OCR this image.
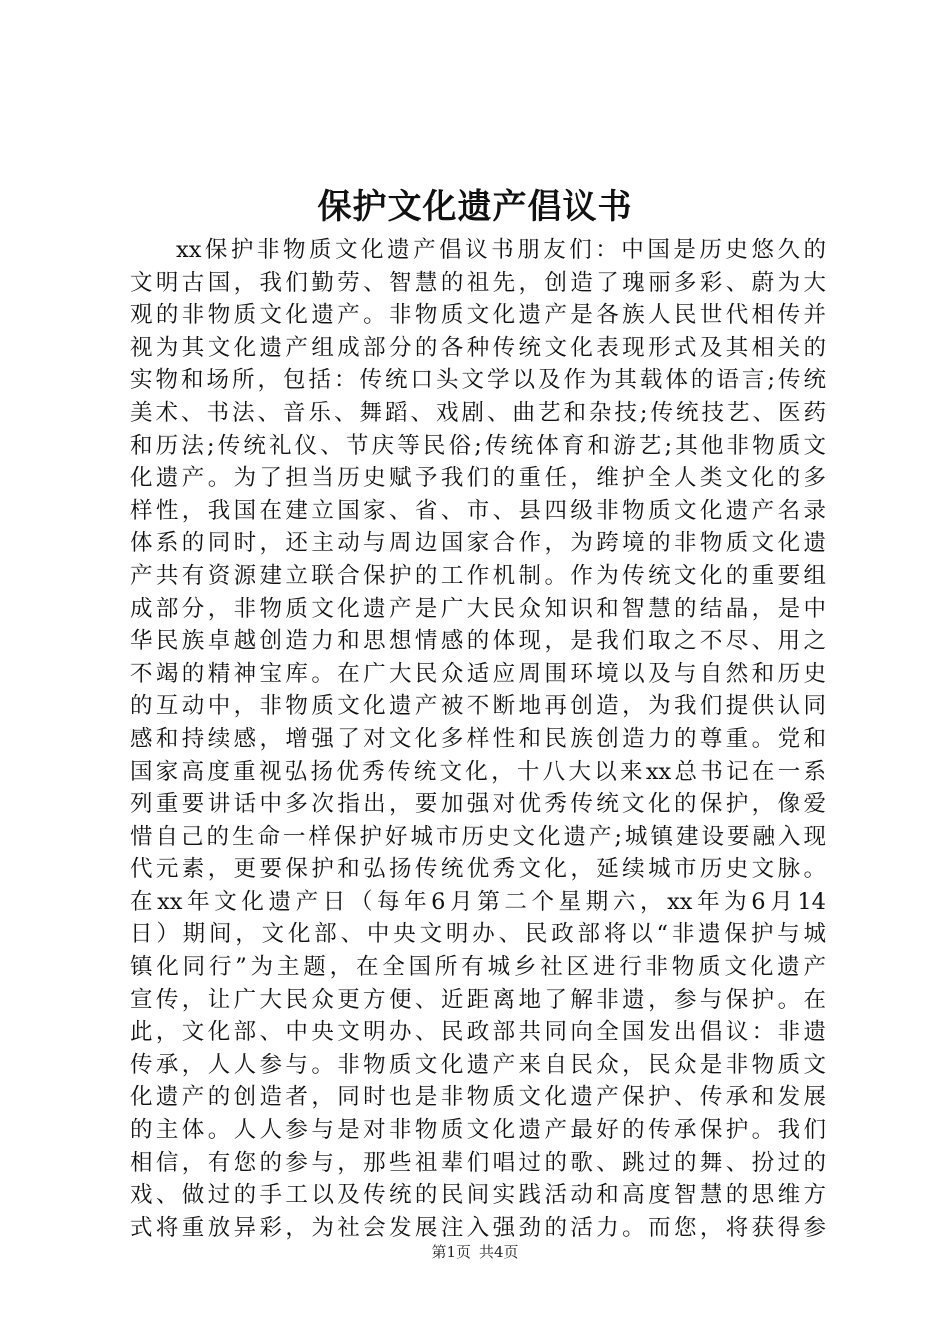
保护文化遗产倡议书
xx保护非物质文化遗产倡议书朋友们：中国是历史悠久的
文明古国，我们勤劳、智慧的祖先，创造了瑰丽多彩、蔚为大
观的非物质文化遗产。非物质文化遗产是各族人民世代相传并
视为其文化遗产组成部分的各种传统文化表现形式及其相关的
实物和场所，包括：传统口头文学以及作为其载体的语言;传统
美术、书法、音乐、舞蹈、戏剧、曲艺和杂技;传统技艺、医药
和历法;传统礼仪、节庆等民俗;传统体育和游艺;其他非物质文
化遗产。为了担当历史赋予我们的重任，维护全人类文化的多
样性，我国在建立国家、省、市、县四级非物质文化遗产名录
体系的同时，还主动与周边国家合作，为跨境的非物质文化遗
产共有资源建立联合保护的工作机制。作为传统文化的重要组
成部分，非物质文化遗产是广大民众知识和智慧的结晶，是中
华民族卓越创造力和思想情感的体现，是我们取之不尽、用之
不竭的精神宝库。在广大民众适应周围环境以及与自然和历史
的互动中，非物质文化遗产被不断地再创造，为我们提供认同
感和持续感，增强了对文化多样性和民族创造力的尊重。党和
国家高度重视弘扬优秀传统文化，十八大以来xx总书记在一系
列重要讲话中多次指出，要加强对优秀传统文化的保护，像爱
惜自己的生命一样保护好城市历史文化遗产;城镇建设要融入现
代元素，更要保护和弘扬传统优秀文化，延续城市历史文脉。
在xx年文化遗产日（每年6月第二个星期六，xx年为6月14
日）期间，文化部、中央文明办、民政部将以“非遗保护与城
镇化同行”为主题，在全国所有城乡社区进行非物质文化遗产
宣传，让广大民众更方便、近距离地了解非遗，参与保护。在
此，文化部、中央文明办、民政部共同向全国发出倡议：非遗
传承，人人参与。非物质文化遗产来自民众，民众是非物质文
化遗产的创造者，同时也是非物质文化遗产保护、传承和发展
的主体。人人参与是对非物质文化遗产最好的传承保护。我们
相信，有您的参与，那些祖辈们唱过的歌、跳过的舞、扮过的
戏、做过的手工以及传统的民间实践活动和高度智慧的思维方
式将重放异彩，为社会发展注入强劲的活力。而您，将获得参
第1页 共4页
